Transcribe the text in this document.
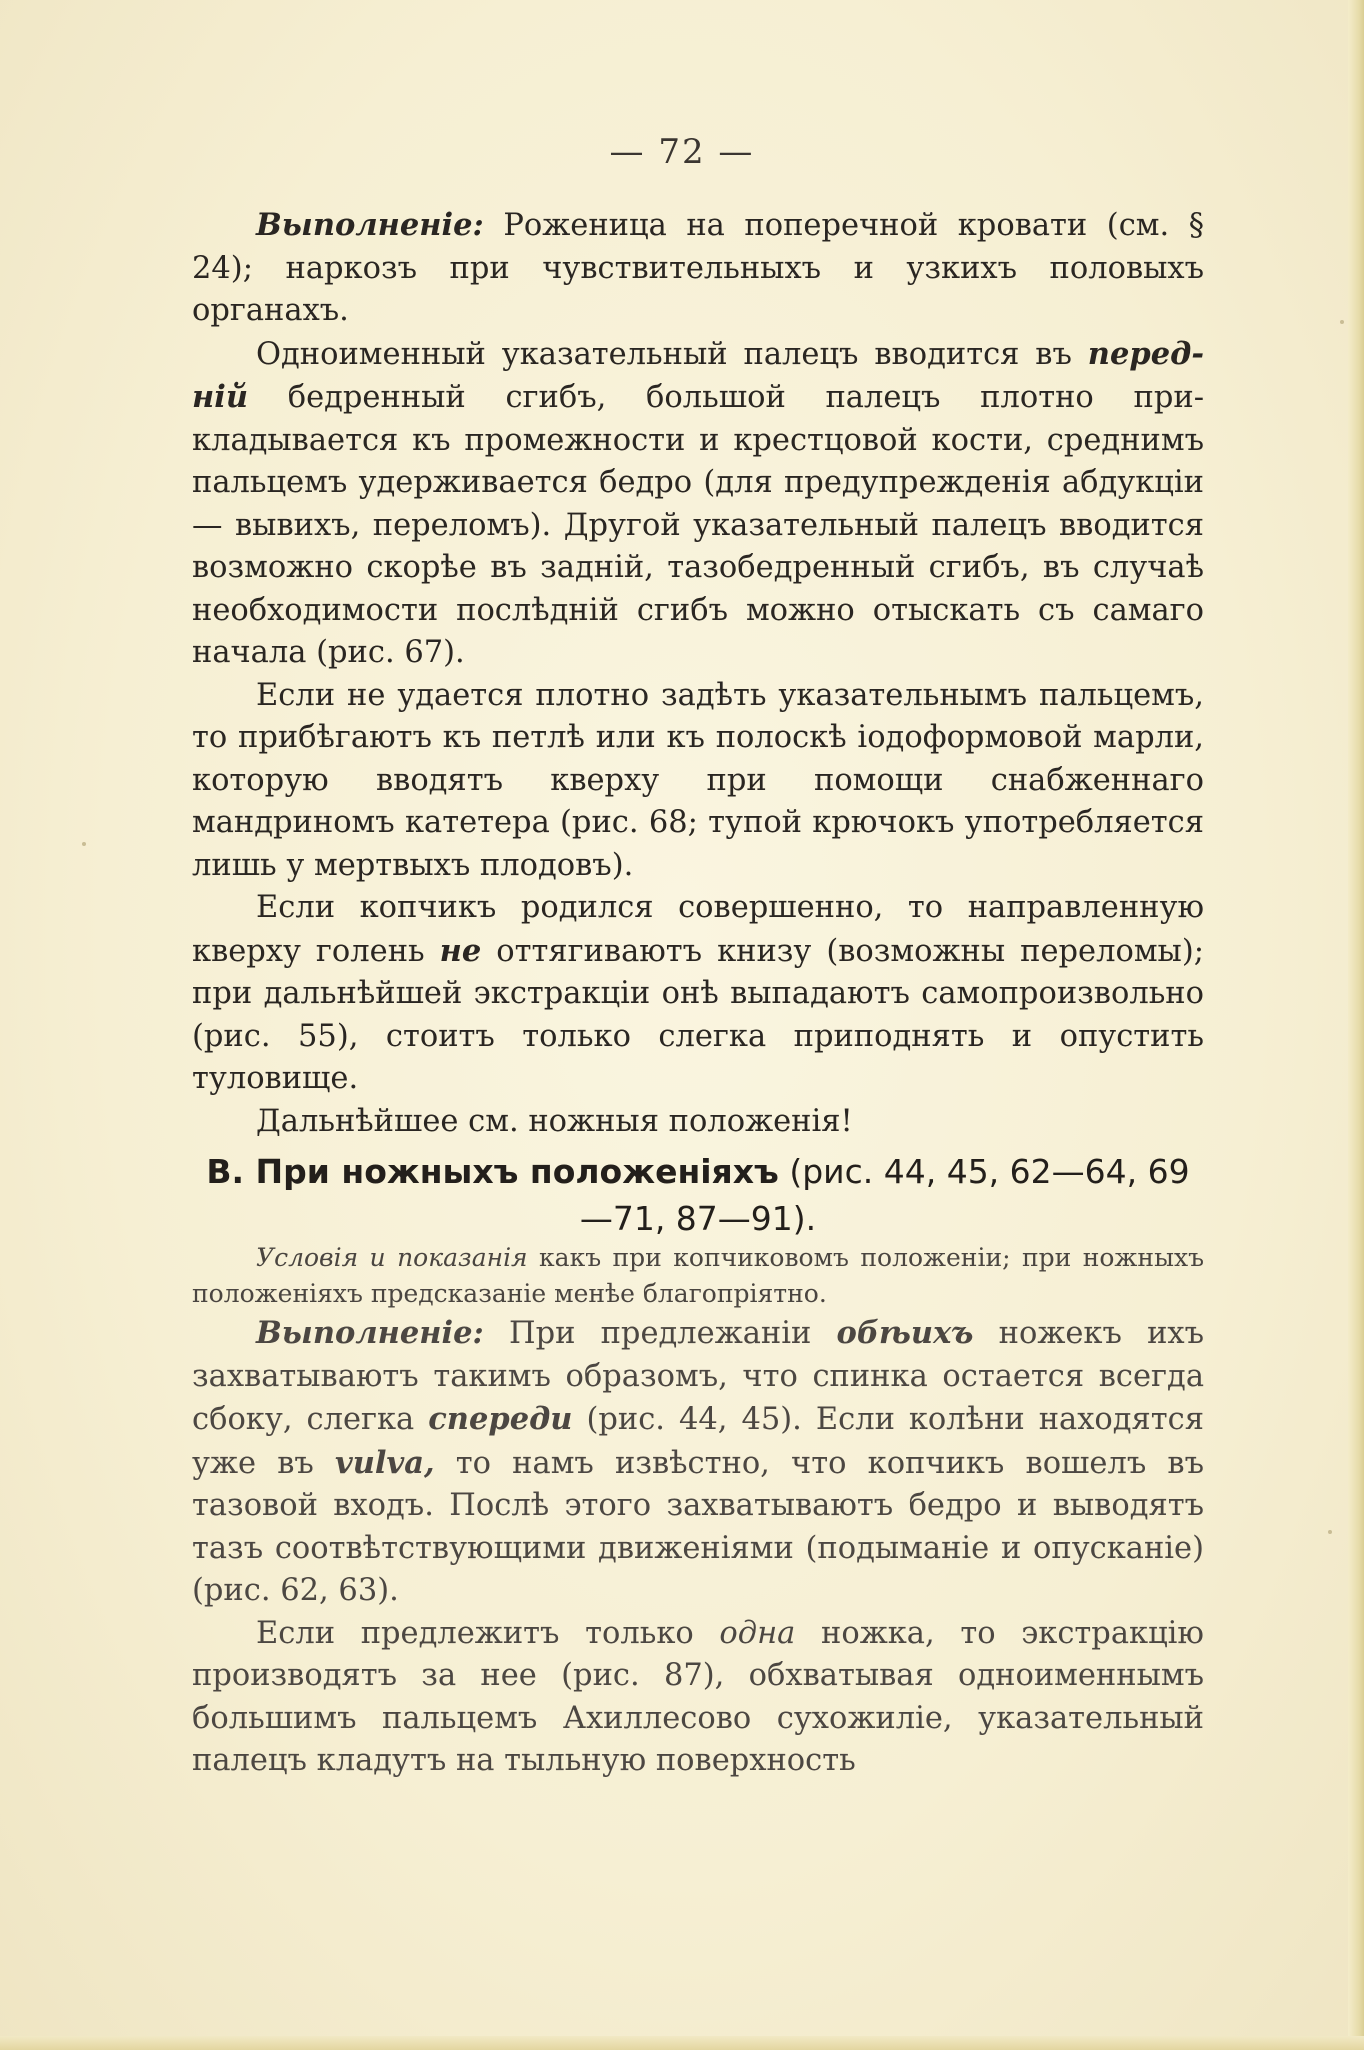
— 72 —

Выполненіе: Роженица на поперечной кровати (см. § 24); наркозъ при чувствительныхъ и узкихъ половыхъ органахъ.

Одноименный указательный палецъ вводится въ передній бедренный сгибъ, большой палецъ плотно прикладывается къ промежности и крестцовой кости, среднимъ пальцемъ удерживается бедро (для предупрежденія абдукціи — вывихъ, переломъ). Другой указательный палецъ вводится возможно скорѣе въ задній, тазобедренный сгибъ, въ случаѣ необходимости послѣдній сгибъ можно отыскать съ самаго начала (рис. 67).

Если не удается плотно задѣть указательнымъ пальцемъ, то прибѣгаютъ къ петлѣ или къ полоскѣ іодоформовой марли, которую вводятъ кверху при помощи снабженнаго мандриномъ катетера (рис. 68; тупой крючокъ употребляется лишь у мертвыхъ плодовъ).

Если копчикъ родился совершенно, то направленную кверху голень не оттягиваютъ книзу (возможны переломы); при дальнѣйшей экстракціи онѣ выпадаютъ самопроизвольно (рис. 55), стоитъ только слегка приподнять и опустить туловище.

Дальнѣйшее см. ножныя положенія!

В. При ножныхъ положеніяхъ (рис. 44, 45, 62—64, 69—71, 87—91).

Условія и показанія какъ при копчиковомъ положеніи; при ножныхъ положеніяхъ предсказаніе менѣе благопріятно.

Выполненіе: При предлежаніи обѣихъ ножекъ ихъ захватываютъ такимъ образомъ, что спинка остается всегда сбоку, слегка спереди (рис. 44, 45). Если колѣни находятся уже въ vulva, то намъ извѣстно, что копчикъ вошелъ въ тазовой входъ. Послѣ этого захватываютъ бедро и выводятъ тазъ соотвѣтствующими движеніями (подыманіе и опусканіе) (рис. 62, 63).

Если предлежитъ только одна ножка, то экстракцію производятъ за нее (рис. 87), обхватывая одноименнымъ большимъ пальцемъ Ахиллесово сухожиліе, указательный палецъ кладутъ на тыльную поверхность
